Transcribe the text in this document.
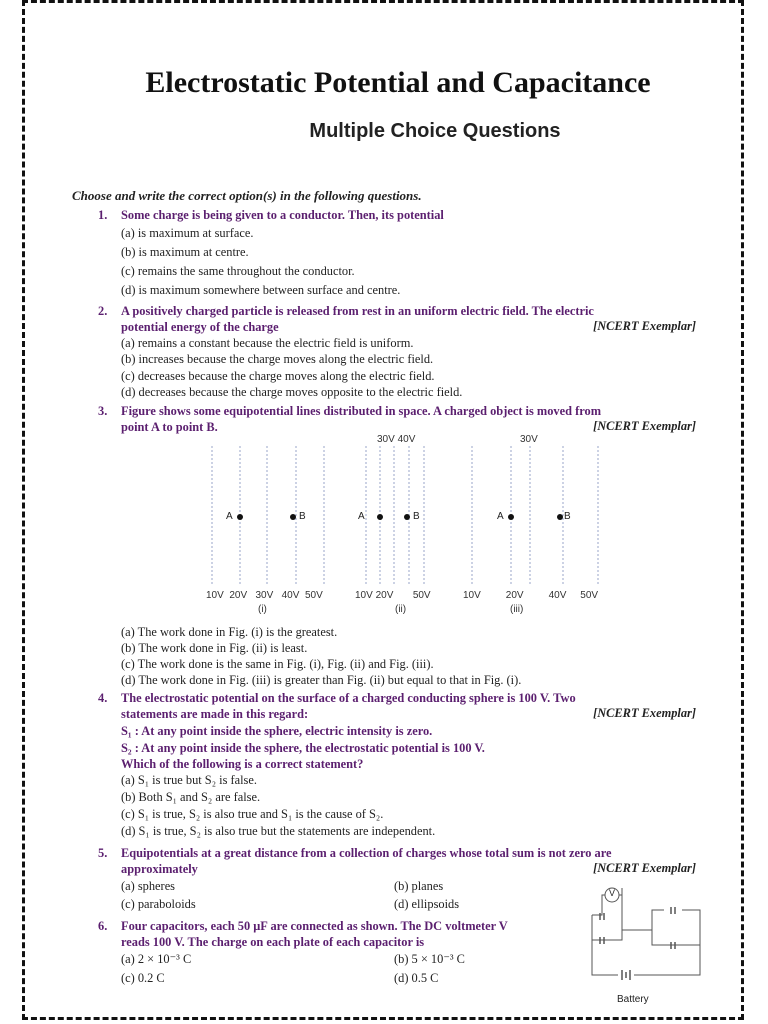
Electrostatic Potential and Capacitance
Multiple Choice Questions
Choose and write the correct option(s) in the following questions.
1.	Some charge is being given to a conductor. Then, its potential
(a) is maximum at surface.
(b) is maximum at centre.
(c) remains the same throughout the conductor.
(d) is maximum somewhere between surface and centre.
2.	A positively charged particle is released from rest in an uniform electric field. The electric
potential energy of the charge	[NCERT Exemplar]
(a) remains a constant because the electric field is uniform.
(b) increases because the charge moves along the electric field.
(c) decreases because the charge moves along the electric field.
(d) decreases because the charge moves opposite to the electric field.
3.	Figure shows some equipotential lines distributed in space. A charged object is moved from
point A to point B.	[NCERT Exemplar]
30V 40V	30V
A	B	A	B	A	B
10V  20V   30V   40V  50V	10V 20V       50V	10V         20V         40V     50V
(i)	(ii)	(iii)
(a) The work done in Fig. (i) is the greatest.
(b) The work done in Fig. (ii) is least.
(c) The work done is the same in Fig. (i), Fig. (ii) and Fig. (iii).
(d) The work done in Fig. (iii) is greater than Fig. (ii) but equal to that in Fig. (i).
4.	The electrostatic potential on the surface of a charged conducting sphere is 100 V. Two
statements are made in this regard:
S₁ : At any point inside the sphere, electric intensity is zero.
S₂ : At any point inside the sphere, the electrostatic potential is 100 V.
Which of the following is a correct statement?
[NCERT Exemplar]
(a) S₁ is true but S₂ is false.
(b) Both S₁ and S₂ are false.
(c) S₁ is true, S₂ is also true and S₁ is the cause of S₂.
(d) S₁ is true, S₂ is also true but the statements are independent.
5.	Equipotentials at a great distance from a collection of charges whose total sum is not zero are
approximately	[NCERT Exemplar]
(a) spheres	(b) planes
(c) paraboloids	(d) ellipsoids
6.	Four capacitors, each 50 μF are connected as shown. The DC voltmeter V
reads 100 V. The charge on each plate of each capacitor is
(a) 2 × 10⁻³ C	(b) 5 × 10⁻³ C
(c) 0.2 C	(d) 0.5 C
V
Battery
